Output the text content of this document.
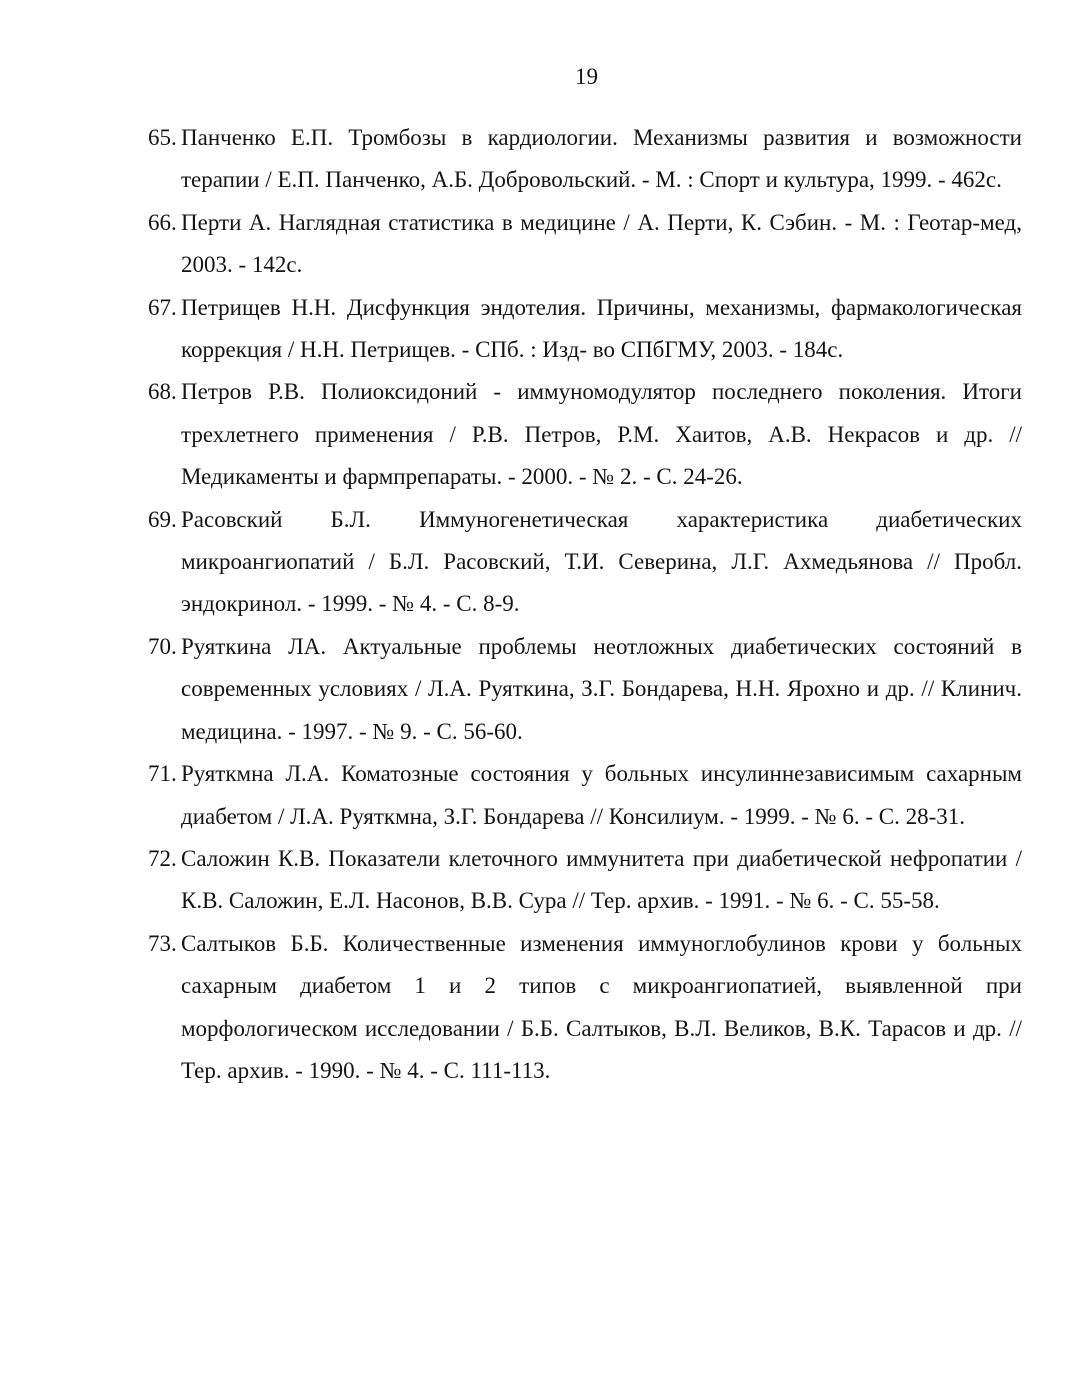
19
65. Панченко Е.П. Тромбозы в кардиологии. Механизмы развития и возможности терапии / Е.П. Панченко, А.Б. Добровольский. - М. : Спорт и культура, 1999. - 462с.
66. Перти А. Наглядная статистика в медицине / А. Перти, К. Сэбин. - М. : Геотар-мед, 2003. - 142с.
67. Петрищев Н.Н. Дисфункция эндотелия. Причины, механизмы, фармакологическая коррекция / Н.Н. Петрищев. - СПб. : Изд- во СПбГМУ, 2003. - 184с.
68. Петров Р.В. Полиоксидоний - иммуномодулятор последнего поколения. Итоги трехлетнего применения / Р.В. Петров, Р.М. Хаитов, А.В. Некрасов и др. // Медикаменты и фармпрепараты. - 2000. - № 2. - С. 24-26.
69. Расовский Б.Л. Иммуногенетическая характеристика диабетических микроангиопатий / Б.Л. Расовский, Т.И. Северина, Л.Г. Ахмедьянова // Пробл. эндокринол. - 1999. - № 4. - С. 8-9.
70. Руяткина ЛА. Актуальные проблемы неотложных диабетических состояний в современных условиях / Л.А. Руяткина, З.Г. Бондарева, Н.Н. Ярохно и др. // Клинич. медицина. - 1997. - № 9. - С. 56-60.
71. Руяткмна Л.А. Коматозные состояния у больных инсулиннезависимым сахарным диабетом / Л.А. Руяткмна, З.Г. Бондарева // Консилиум. - 1999. - № 6. - С. 28-31.
72. Саложин К.В. Показатели клеточного иммунитета при диабетической нефропатии / К.В. Саложин, Е.Л. Насонов, В.В. Сура // Тер. архив. - 1991. - № 6. - С. 55-58.
73. Салтыков Б.Б. Количественные изменения иммуноглобулинов крови у больных сахарным диабетом 1 и 2 типов с микроангиопатией, выявленной при морфологическом исследовании / Б.Б. Салтыков, В.Л. Великов, В.К. Тарасов и др. // Тер. архив. - 1990. - № 4. - С. 111-113.
